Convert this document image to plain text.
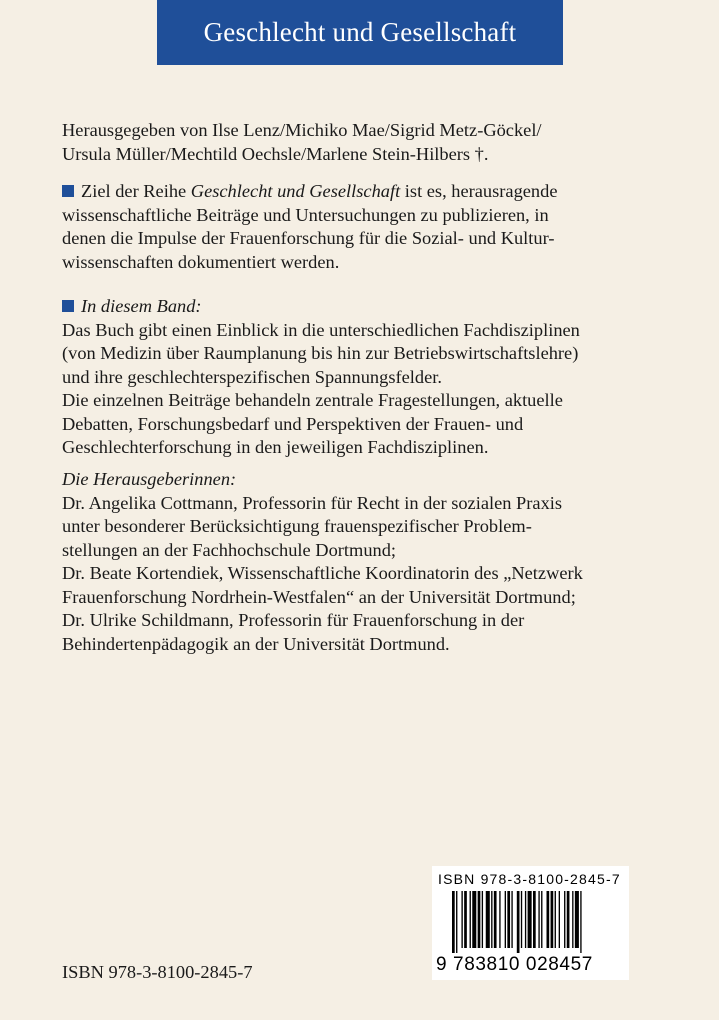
Geschlecht und Gesellschaft

Herausgegeben von Ilse Lenz/Michiko Mae/Sigrid Metz-Göckel/

Ursula Müller/Mechtild Oechsle/Marlene Stein-Hilbers †.

Ziel der Reihe Geschlecht und Gesellschaft ist es, herausragende

wissenschaftliche Beiträge und Untersuchungen zu publizieren, in

denen die Impulse der Frauenforschung für die Sozial- und Kultur-

wissenschaften dokumentiert werden.

In diesem Band:

Das Buch gibt einen Einblick in die unterschiedlichen Fachdisziplinen

(von Medizin über Raumplanung bis hin zur Betriebswirtschaftslehre)

und ihre geschlechterspezifischen Spannungsfelder.

Die einzelnen Beiträge behandeln zentrale Fragestellungen, aktuelle

Debatten, Forschungsbedarf und Perspektiven der Frauen- und

Geschlechterforschung in den jeweiligen Fachdisziplinen.

Die Herausgeberinnen:

Dr. Angelika Cottmann, Professorin für Recht in der sozialen Praxis

unter besonderer Berücksichtigung frauenspezifischer Problem-

stellungen an der Fachhochschule Dortmund;

Dr. Beate Kortendiek, Wissenschaftliche Koordinatorin des „Netzwerk

Frauenforschung Nordrhein-Westfalen“ an der Universität Dortmund;

Dr. Ulrike Schildmann, Professorin für Frauenforschung in der

Behindertenpädagogik an der Universität Dortmund.

ISBN 978-3-8100-2845-7
ISBN 978-3-8100-2845-7
9 783810 028457
